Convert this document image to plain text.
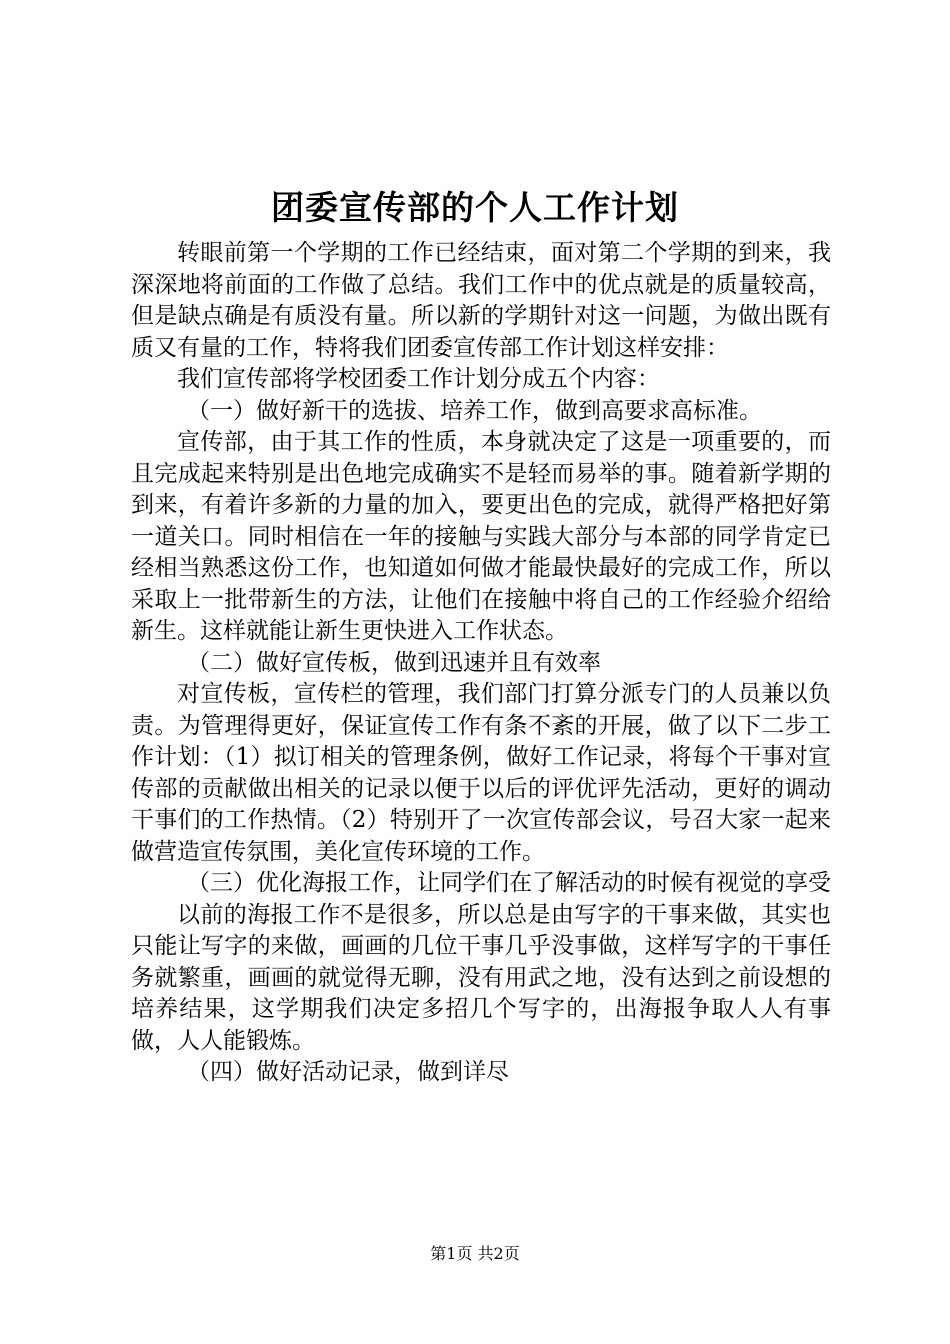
团委宣传部的个人工作计划

转眼前第一个学期的工作已经结束，面对第二个学期的到来，我深深地将前面的工作做了总结。我们工作中的优点就是的质量较高，但是缺点确是有质没有量。所以新的学期针对这一问题，为做出既有质又有量的工作，特将我们团委宣传部工作计划这样安排：

我们宣传部将学校团委工作计划分成五个内容：

（一）做好新干的选拔、培养工作，做到高要求高标准。

宣传部，由于其工作的性质，本身就决定了这是一项重要的，而且完成起来特别是出色地完成确实不是轻而易举的事。随着新学期的到来，有着许多新的力量的加入，要更出色的完成，就得严格把好第一道关口。同时相信在一年的接触与实践大部分与本部的同学肯定已经相当熟悉这份工作，也知道如何做才能最快最好的完成工作，所以采取上一批带新生的方法，让他们在接触中将自己的工作经验介绍给新生。这样就能让新生更快进入工作状态。

（二）做好宣传板，做到迅速并且有效率

对宣传板，宣传栏的管理，我们部门打算分派专门的人员兼以负责。为管理得更好，保证宣传工作有条不紊的开展，做了以下二步工作计划：（1）拟订相关的管理条例，做好工作记录，将每个干事对宣传部的贡献做出相关的记录以便于以后的评优评先活动，更好的调动干事们的工作热情。（2）特别开了一次宣传部会议，号召大家一起来做营造宣传氛围，美化宣传环境的工作。

（三）优化海报工作，让同学们在了解活动的时候有视觉的享受

以前的海报工作不是很多，所以总是由写字的干事来做，其实也只能让写字的来做，画画的几位干事几乎没事做，这样写字的干事任务就繁重，画画的就觉得无聊，没有用武之地，没有达到之前设想的培养结果，这学期我们决定多招几个写字的，出海报争取人人有事做，人人能锻炼。

（四）做好活动记录，做到详尽

第1页 共2页
